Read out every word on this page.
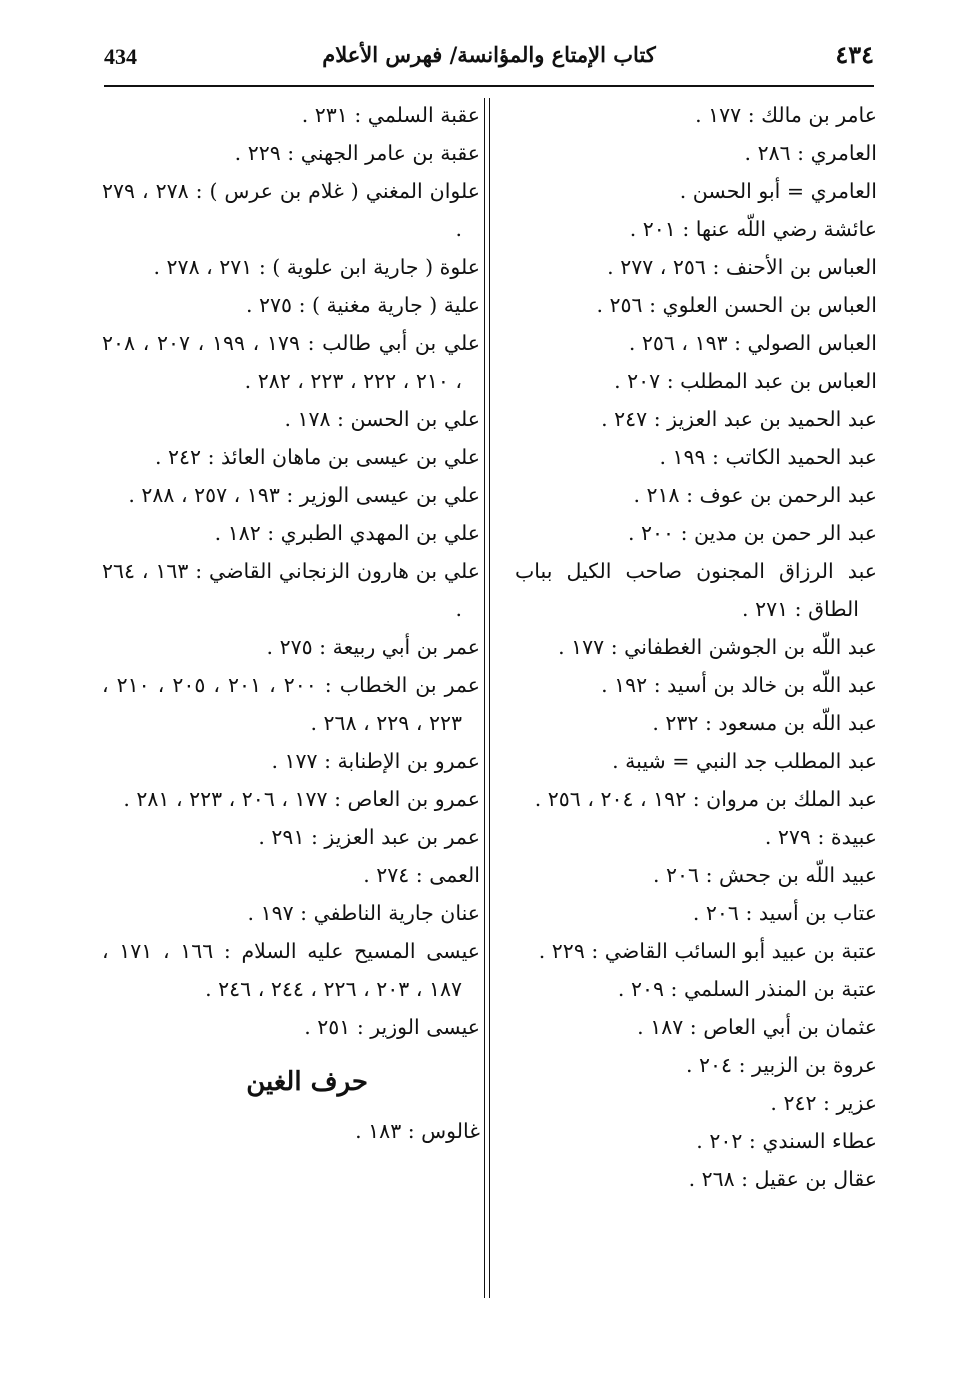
434	كتاب الإمتاع والمؤانسة/ فهرس الأعلام	٤٣٤
عامر بن مالك : ١٧٧ .
العامري : ٢٨٦ .
العامري = أبو الحسن .
عائشة رضي اللّه عنها : ٢٠١ .
العباس بن الأحنف : ٢٥٦ ، ٢٧٧ .
العباس بن الحسن العلوي : ٢٥٦ .
العباس الصولي : ١٩٣ ، ٢٥٦ .
العباس بن عبد المطلب : ٢٠٧ .
عبد الحميد بن عبد العزيز : ٢٤٧ .
عبد الحميد الكاتب : ١٩٩ .
عبد الرحمن بن عوف : ٢١٨ .
عبد الر حمن بن مدين : ٢٠٠ .
عبد الرزاق المجنون صاحب الكيل بباب الطاق : ٢٧١ .
عبد اللّه بن الجوشن الغطفاني : ١٧٧ .
عبد اللّه بن خالد بن أسيد : ١٩٢ .
عبد اللّه بن مسعود : ٢٣٢ .
عبد المطلب جد النبي = شيبة .
عبد الملك بن مروان : ١٩٢ ، ٢٠٤ ، ٢٥٦ .
عبيدة : ٢٧٩ .
عبيد اللّه بن جحش : ٢٠٦ .
عتاب بن أسيد : ٢٠٦ .
عتبة بن عبيد أبو السائب القاضي : ٢٢٩ .
عتبة بن المنذر السلمي : ٢٠٩ .
عثمان بن أبي العاص : ١٨٧ .
عروة بن الزبير : ٢٠٤ .
عزير : ٢٤٢ .
عطاء السندي : ٢٠٢ .
عقال بن عقيل : ٢٦٨ .
عقبة السلمي : ٢٣١ .
عقبة بن عامر الجهني : ٢٢٩ .
علوان المغني ( غلام بن عرس ) : ٢٧٨ ، ٢٧٩ .
علوة ( جارية ابن علوية ) : ٢٧١ ، ٢٧٨ .
علية ( جارية مغنية ) : ٢٧٥ .
علي بن أبي طالب : ١٧٩ ، ١٩٩ ، ٢٠٧ ، ٢٠٨ ، ٢١٠ ، ٢٢٢ ، ٢٢٣ ، ٢٨٢ .
علي بن الحسن : ١٧٨ .
علي بن عيسى بن ماهان العائذ : ٢٤٢ .
علي بن عيسى الوزير : ١٩٣ ، ٢٥٧ ، ٢٨٨ .
علي بن المهدي الطبري : ١٨٢ .
علي بن هارون الزنجاني القاضي : ١٦٣ ، ٢٦٤ .
عمر بن أبي ربيعة : ٢٧٥ .
عمر بن الخطاب : ٢٠٠ ، ٢٠١ ، ٢٠٥ ، ٢١٠ ، ٢٢٣ ، ٢٢٩ ، ٢٦٨ .
عمرو بن الإطنابة : ١٧٧ .
عمرو بن العاص : ١٧٧ ، ٢٠٦ ، ٢٢٣ ، ٢٨١ .
عمر بن عبد العزيز : ٢٩١ .
العمى : ٢٧٤ .
عنان جارية الناطفي : ١٩٧ .
عيسى المسيح عليه السلام : ١٦٦ ، ١٧١ ، ١٨٧ ، ٢٠٣ ، ٢٢٦ ، ٢٤٤ ، ٢٤٦ .
عيسى الوزير : ٢٥١ .
حرف الغين
غالوس : ١٨٣ .
